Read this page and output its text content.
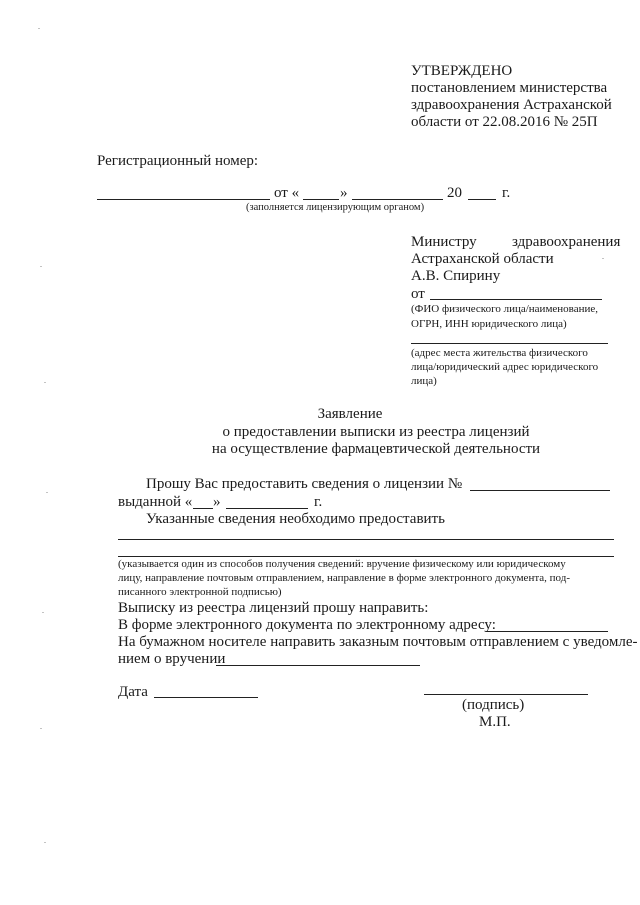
УТВЕРЖДЕНО
постановлением министерства
здравоохранения Астраханской
области от 22.08.2016 № 25П
Регистрационный номер:
от «	»	20	г.
(заполняется лицензирующим органом)
Министру здравоохранения
Астраханской области
А.В. Спирину
от
(ФИО физического лица/наименование,
ОГРН, ИНН юридического лица)
(адрес места жительства физического
лица/юридический адрес юридического
лица)
Заявление
о предоставлении выписки из реестра лицензий
на осуществление фармацевтической деятельности
Прошу Вас предоставить сведения о лицензии №
выданной « »	г.
Указанные сведения необходимо предоставить
(указывается один из способов получения сведений: вручение физическому или юридическому
лицу, направление почтовым отправлением, направление в форме электронного документа, под-
писанного электронной подписью)
Выписку из реестра лицензий прошу направить:
В форме электронного документа по электронному адресу:
На бумажном носителе направить заказным почтовым отправлением с уведомле-
нием о вручении
Дата
(подпись)
М.П.
